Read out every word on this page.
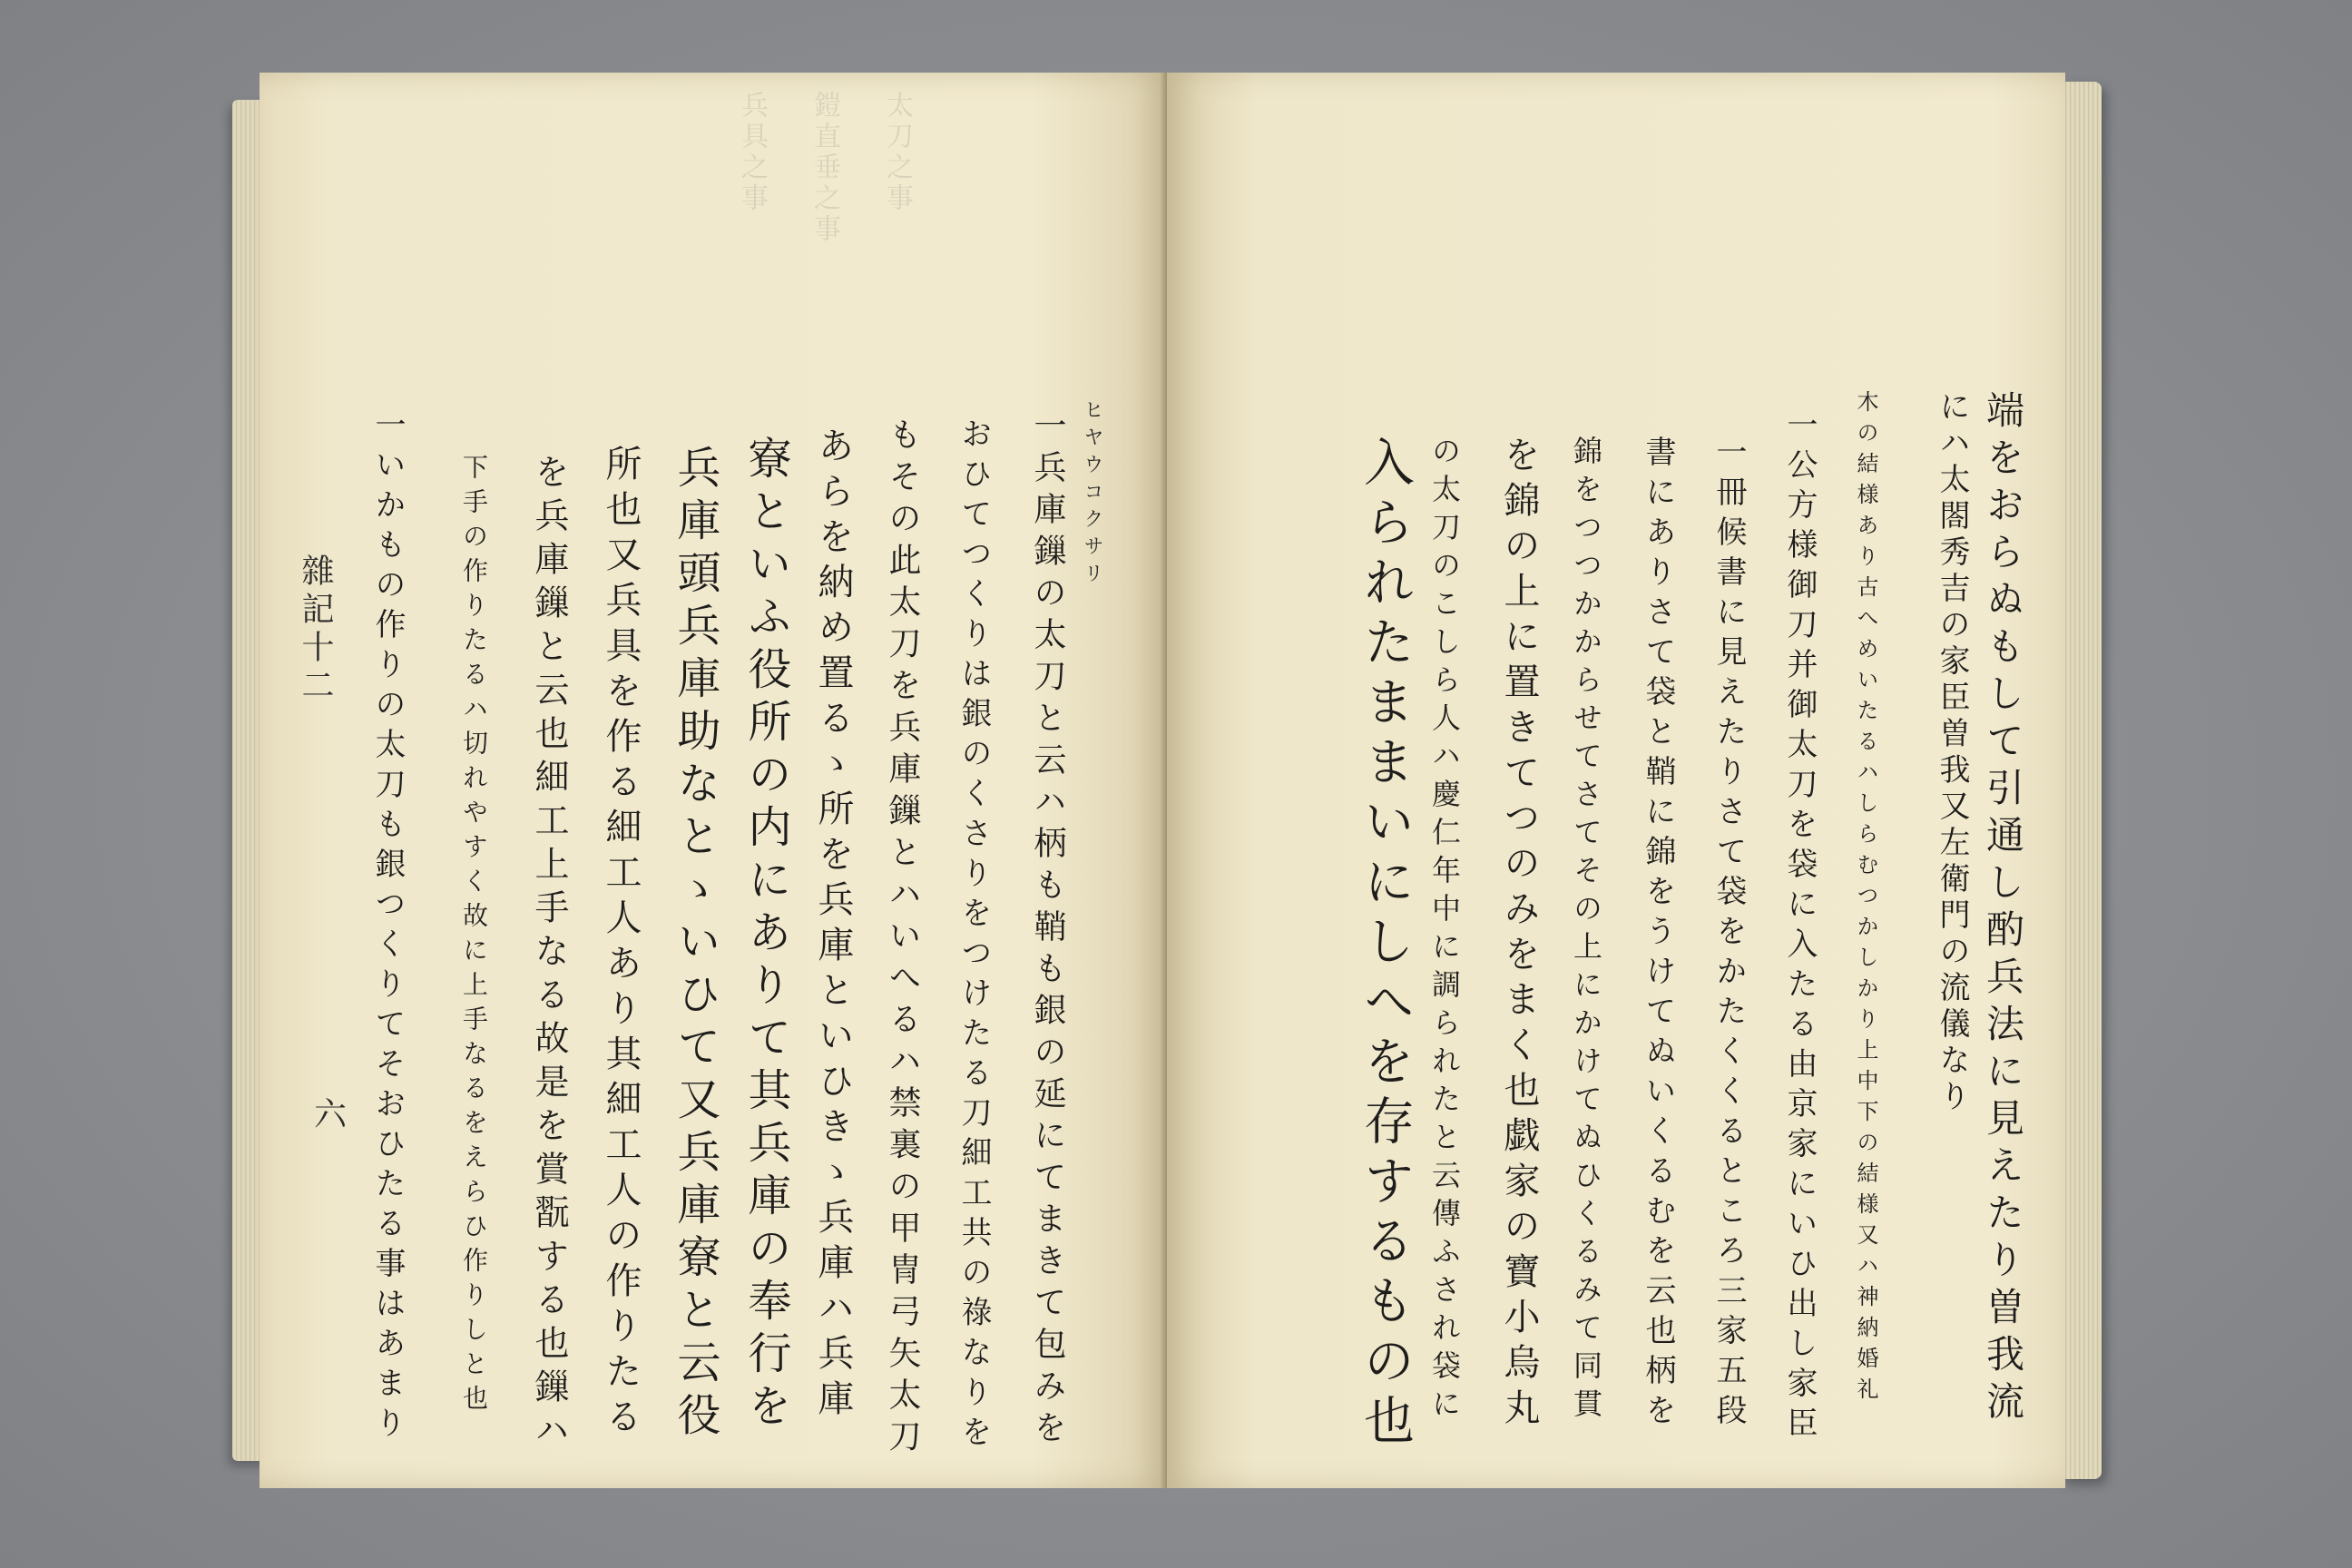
兵具之事 鎧直垂之事 太刀之事
雜記十二
六
ヒヤウコクサリ
一兵庫鏁の太刀と云ハ柄も鞘も銀の延にてまきて包みを
おひてつくりは銀のくさりをつけたる刀細工共の祿なりを
もその此太刀を兵庫鏁とハいへるハ禁裏の甲冑弓矢太刀
あらを納め置るゝ所を兵庫といひきゝ兵庫ハ兵庫
寮といふ役所の内にありて其兵庫の奉行を
兵庫頭兵庫助なとゝいひて又兵庫寮と云役
所也又兵具を作る細工人あり其細工人の作りたる
を兵庫鏁と云也細工上手なる故是を賞翫する也鏁ハ
下手の作りたるハ切れやすく故に上手なるをえらひ作りしと也
一いかもの作りの太刀も銀つくりてそおひたる事はあまり	端をおらぬもして引通し酌兵法に見えたり曽我流
にハ太閤秀吉の家臣曽我又左衛門の流儀なり
木の結様あり古へめいたるハしらむつかしかり上中下の結様又ハ神納婚礼
一公方様御刀并御太刀を袋に入たる由京家にいひ出し家臣
一冊候書に見えたりさて袋をかたくくるところ三家五段
書にありさて袋と鞘に錦をうけてぬいくるむを云也柄を
錦をつつかからせてさてその上にかけてぬひくるみて同貫
を錦の上に置きてつのみをまく也戯家の寶小烏丸
の太刀のこしら人ハ慶仁年中に調られたと云傳ふされ袋に
入られたままいにしへを存するもの也
